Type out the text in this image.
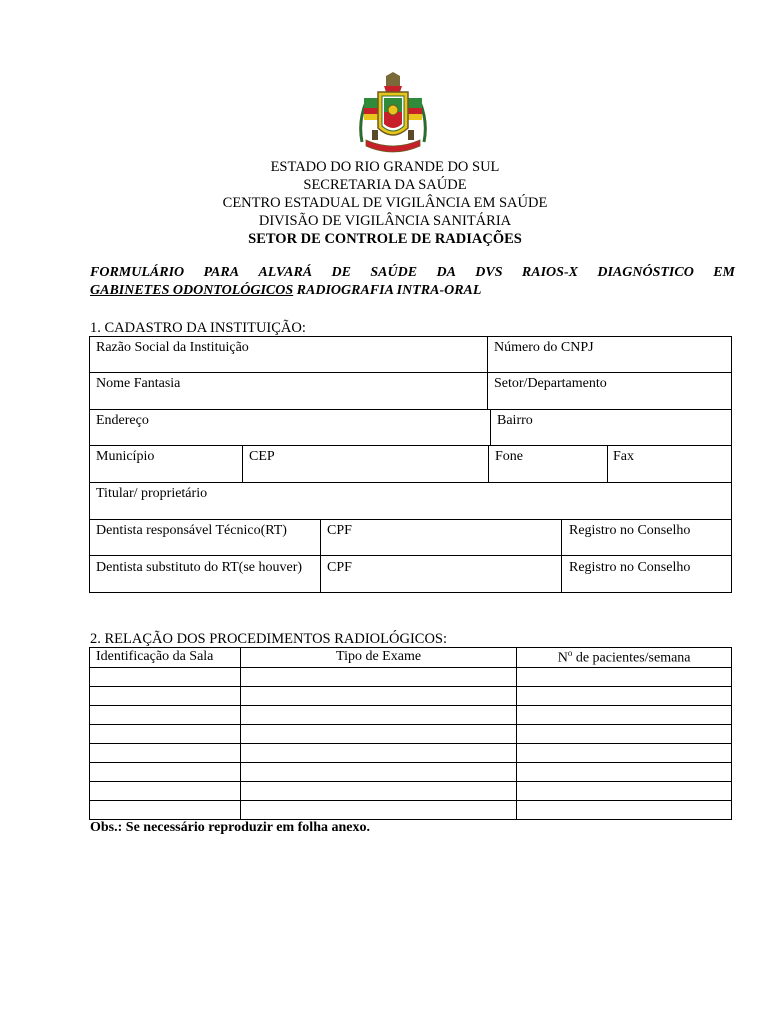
ESTADO DO RIO GRANDE DO SUL
SECRETARIA DA SAÚDE
CENTRO ESTADUAL DE VIGILÂNCIA EM SAÚDE
DIVISÃO DE VIGILÂNCIA SANITÁRIA
SETOR DE CONTROLE DE RADIAÇÕES
FORMULÁRIO PARA ALVARÁ DE SAÚDE DA DVS RAIOS-X DIAGNÓSTICO EM
GABINETES ODONTOLÓGICOS RADIOGRAFIA INTRA-ORAL
1. CADASTRO DA INSTITUIÇÃO:
Razão Social da Instituição	Número do CNPJ
Nome Fantasia	Setor/Departamento
Endereço	Bairro
Município	CEP	Fone	Fax
Titular/ proprietário
Dentista responsável Técnico(RT)	CPF	Registro no Conselho
Dentista substituto do RT(se houver) CPF	Registro no Conselho
2. RELAÇÃO DOS PROCEDIMENTOS RADIOLÓGICOS:
Identificação da Sala	Tipo de Exame	$N^o$ de pacientes/semana

Obs.: Se necessário reproduzir em folha anexo.
